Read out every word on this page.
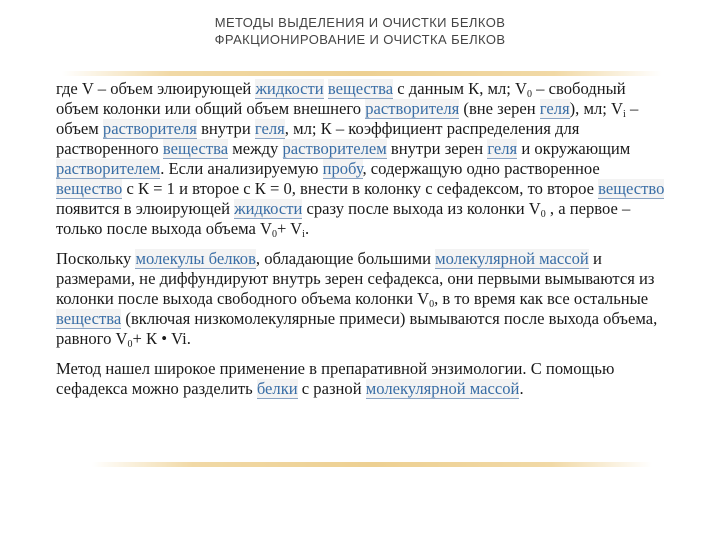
МЕТОДЫ ВЫДЕЛЕНИЯ И ОЧИСТКИ БЕЛКОВ
ФРАКЦИОНИРОВАНИЕ И ОЧИСТКА БЕЛКОВ

где V – объем элюирующей жидкости вещества с данным К, мл; $V_0$ – свободный объем колонки или общий объем внешнего растворителя (вне зерен геля), мл; $V_i$ – объем растворителя внутри геля, мл; К – коэффициент распределения для растворенного вещества между растворителем внутри зерен геля и окружающим растворителем. Если анализируемую пробу, содержащую одно растворенное вещество с К = 1 и второе с К = 0, внести в колонку с сефадексом, то второе вещество появится в элюирующей жидкости сразу после выхода из колонки $V_0$ , а первое – только после выхода объема $V_0+ V_i$.

Поскольку молекулы белков, обладающие большими молекулярной массой и размерами, не диффундируют внутрь зерен сефадекса, они первыми вымываются из колонки после выхода свободного объема колонки $V_0$, в то время как все остальные вещества (включая низкомолекулярные примеси) вымываются после выхода объема, равного $V_0+ К$ • Vi.

Метод нашел широкое применение в препаративной энзимологии. С помощью сефадекса можно разделить белки с разной молекулярной массой.
